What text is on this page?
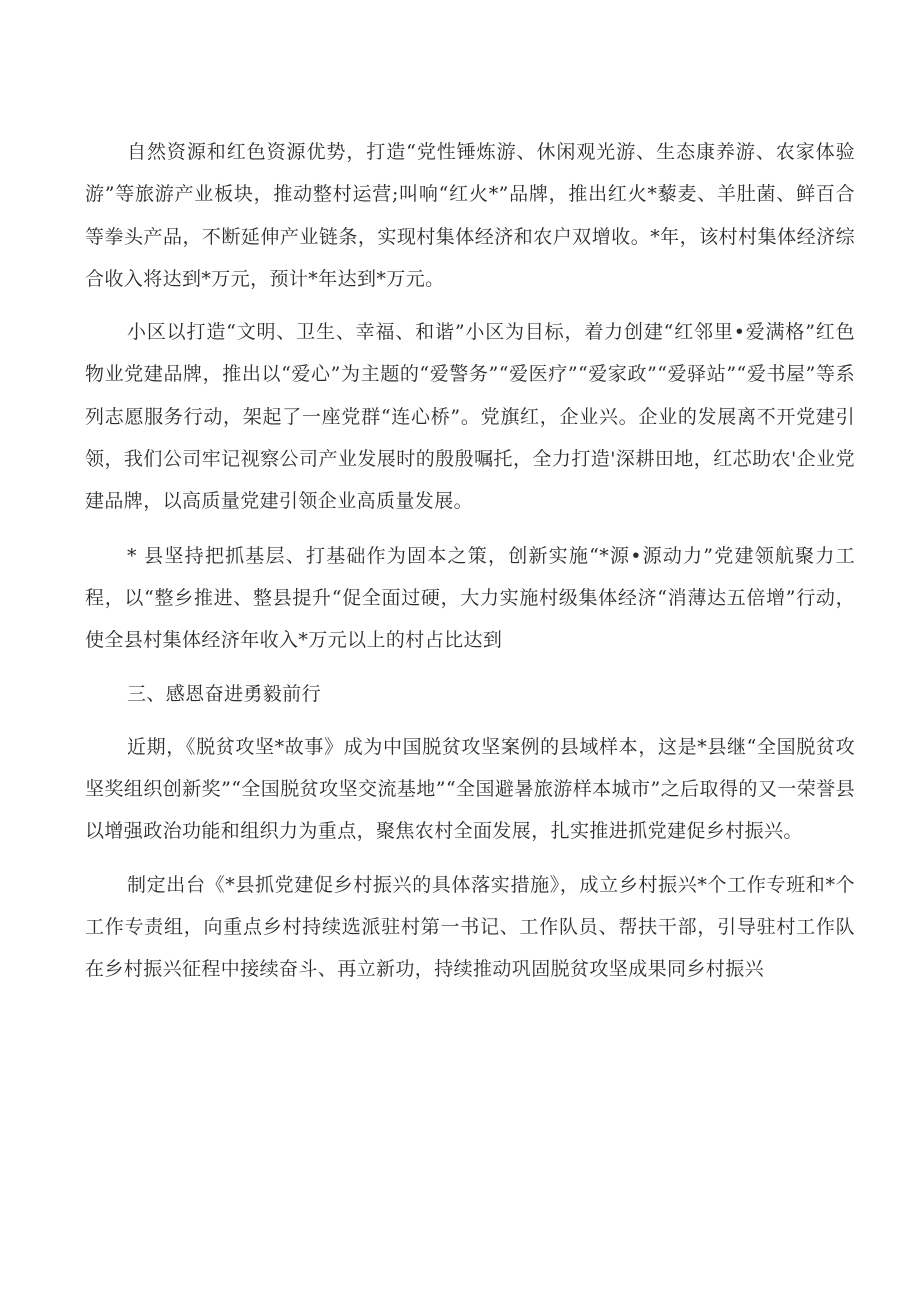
自然资源和红色资源优势，打造“党性锤炼游、休闲观光游、生态康养游、农家体验游”等旅游产业板块，推动整村运营;叫响“红火*”品牌，推出红火*藜麦、羊肚菌、鲜百合等拳头产品，不断延伸产业链条，实现村集体经济和农户双增收。*年，该村村集体经济综合收入将达到*万元，预计*年达到*万元。

小区以打造“文明、卫生、幸福、和谐”小区为目标，着力创建“红邻里•爱满格”红色物业党建品牌，推出以“爱心”为主题的“爱警务”“爱医疗”“爱家政”“爱驿站”“爱书屋”等系列志愿服务行动，架起了一座党群“连心桥”。党旗红，企业兴。企业的发展离不开党建引领，我们公司牢记视察公司产业发展时的殷殷嘱托，全力打造'深耕田地，红芯助农'企业党建品牌，以高质量党建引领企业高质量发展。

* 县坚持把抓基层、打基础作为固本之策，创新实施“*源•源动力”党建领航聚力工程，以“整乡推进、整县提升“促全面过硬，大力实施村级集体经济“消薄达五倍增”行动，使全县村集体经济年收入*万元以上的村占比达到

三、感恩奋进勇毅前行

近期，《脱贫攻坚*故事》成为中国脱贫攻坚案例的县域样本，这是*县继“全国脱贫攻坚奖组织创新奖”“全国脱贫攻坚交流基地”“全国避暑旅游样本城市”之后取得的又一荣誉县以增强政治功能和组织力为重点，聚焦农村全面发展，扎实推进抓党建促乡村振兴。

制定出台《*县抓党建促乡村振兴的具体落实措施》，成立乡村振兴*个工作专班和*个工作专责组，向重点乡村持续选派驻村第一书记、工作队员、帮扶干部，引导驻村工作队在乡村振兴征程中接续奋斗、再立新功，持续推动巩固脱贫攻坚成果同乡村振兴
